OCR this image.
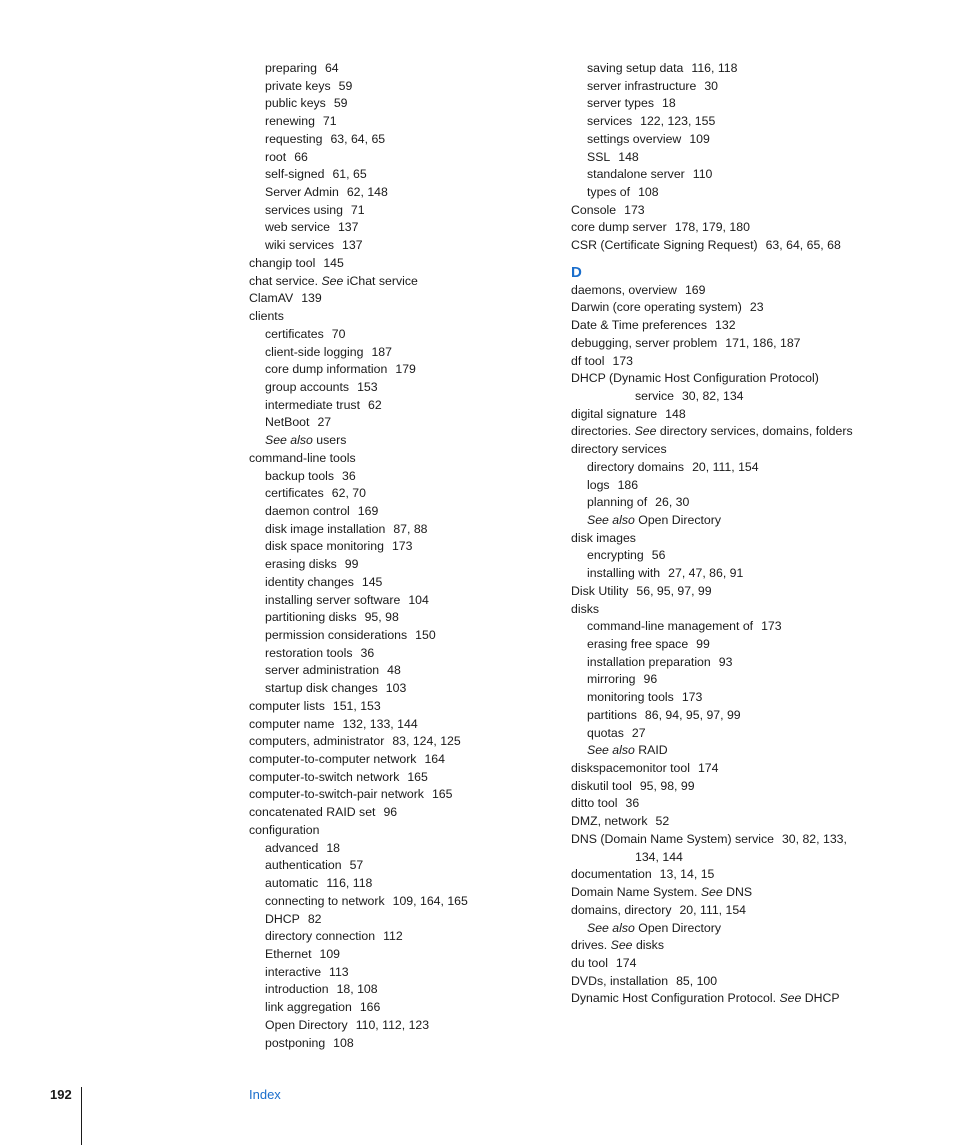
preparing 64
private keys 59
public keys 59
renewing 71
requesting 63, 64, 65
root 66
self-signed 61, 65
Server Admin 62, 148
services using 71
web service 137
wiki services 137
changip tool 145
chat service. See iChat service
ClamAV 139
clients
certificates 70
client-side logging 187
core dump information 179
group accounts 153
intermediate trust 62
NetBoot 27
See also users
command-line tools
backup tools 36
certificates 62, 70
daemon control 169
disk image installation 87, 88
disk space monitoring 173
erasing disks 99
identity changes 145
installing server software 104
partitioning disks 95, 98
permission considerations 150
restoration tools 36
server administration 48
startup disk changes 103
computer lists 151, 153
computer name 132, 133, 144
computers, administrator 83, 124, 125
computer-to-computer network 164
computer-to-switch network 165
computer-to-switch-pair network 165
concatenated RAID set 96
configuration
advanced 18
authentication 57
automatic 116, 118
connecting to network 109, 164, 165
DHCP 82
directory connection 112
Ethernet 109
interactive 113
introduction 18, 108
link aggregation 166
Open Directory 110, 112, 123
postponing 108
saving setup data 116, 118
server infrastructure 30
server types 18
services 122, 123, 155
settings overview 109
SSL 148
standalone server 110
types of 108
Console 173
core dump server 178, 179, 180
CSR (Certificate Signing Request) 63, 64, 65, 68
D
daemons, overview 169
Darwin (core operating system) 23
Date & Time preferences 132
debugging, server problem 171, 186, 187
df tool 173
DHCP (Dynamic Host Configuration Protocol)
service 30, 82, 134
digital signature 148
directories. See directory services, domains, folders
directory services
directory domains 20, 111, 154
logs 186
planning of 26, 30
See also Open Directory
disk images
encrypting 56
installing with 27, 47, 86, 91
Disk Utility 56, 95, 97, 99
disks
command-line management of 173
erasing free space 99
installation preparation 93
mirroring 96
monitoring tools 173
partitions 86, 94, 95, 97, 99
quotas 27
See also RAID
diskspacemonitor tool 174
diskutil tool 95, 98, 99
ditto tool 36
DMZ, network 52
DNS (Domain Name System) service 30, 82, 133,
134, 144
documentation 13, 14, 15
Domain Name System. See DNS
domains, directory 20, 111, 154
See also Open Directory
drives. See disks
du tool 174
DVDs, installation 85, 100
Dynamic Host Configuration Protocol. See DHCP
192	Index
